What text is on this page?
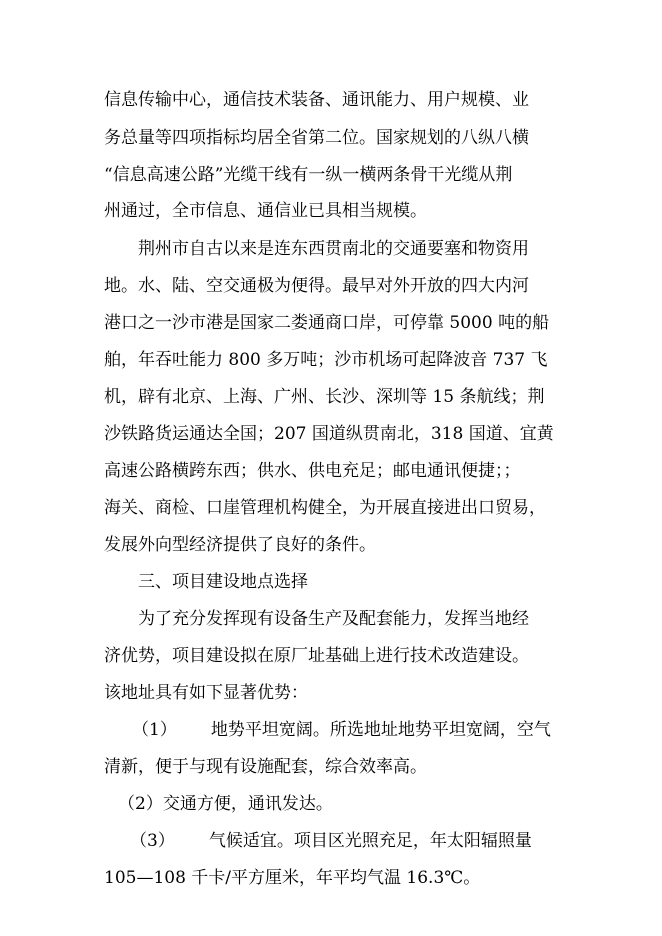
信息传输中心，通信技术装备、通讯能力、用户规模、业
务总量等四项指标均居全省第二位。国家规划的八纵八横
“信息高速公路”光缆干线有一纵一横两条骨干光缆从荆
州通过，全市信息、通信业已具相当规模。
荆州市自古以来是连东西贯南北的交通要塞和物资用
地。水、陆、空交通极为便得。最早对外开放的四大内河
港口之一沙市港是国家二娄通商口岸，可停靠 5000 吨的船
舶，年吞吐能力 800 多万吨；沙市机场可起降波音 737 飞
机，辟有北京、上海、广州、长沙、深圳等 15 条航线；荆
沙铁路货运通达全国；207 国道纵贯南北，318 国道、宜黄
高速公路横跨东西；供水、供电充足；邮电通讯便捷；；
海关、商检、口崖管理机构健全，为开展直接进出口贸易，
发展外向型经济提供了良好的条件。
三、项目建设地点选择
为了充分发挥现有设备生产及配套能力，发挥当地经
济优势，项目建设拟在原厂址基础上进行技术改造建设。
该地址具有如下显著优势：
（1） 地势平坦宽阔。所选地址地势平坦宽阔，空气
清新，便于与现有设施配套，综合效率高。
（2）交通方便，通讯发达。
（3） 气候适宜。项目区光照充足，年太阳辐照量
105—108 千卡/平方厘米，年平均气温 16.3℃。
